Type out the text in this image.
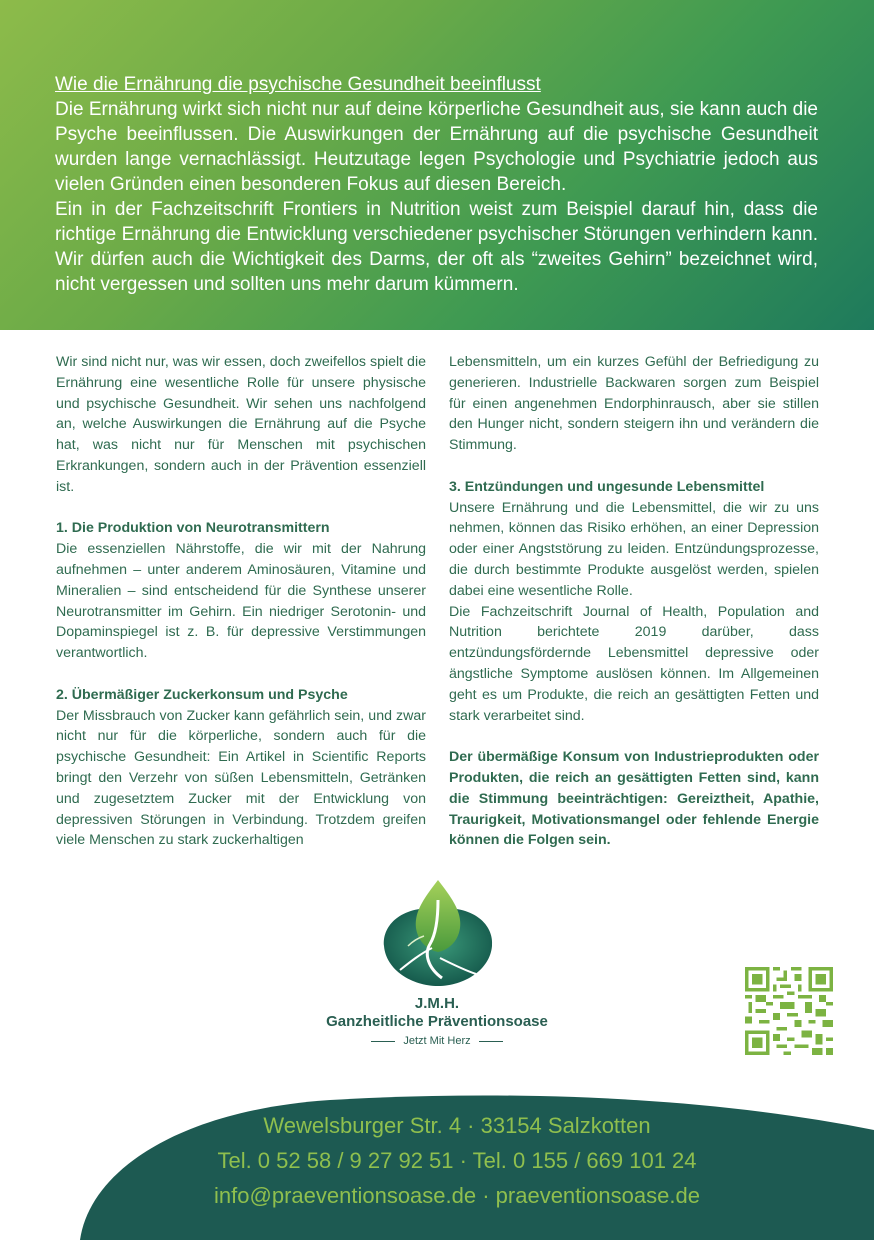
Wie die Ernährung die psychische Gesundheit beeinflusst

Die Ernährung wirkt sich nicht nur auf deine körperliche Gesundheit aus, sie kann auch die Psyche beeinflussen. Die Auswirkungen der Ernährung auf die psychische Gesundheit wurden lange vernachlässigt. Heutzutage legen Psychologie und Psychiatrie jedoch aus vielen Gründen einen besonderen Fokus auf diesen Bereich.

Ein in der Fachzeitschrift Frontiers in Nutrition weist zum Beispiel darauf hin, dass die richtige Ernährung die Entwicklung verschiedener psychischer Störungen verhindern kann. Wir dürfen auch die Wichtigkeit des Darms, der oft als “zweites Gehirn” bezeichnet wird, nicht vergessen und sollten uns mehr darum kümmern.

Wir sind nicht nur, was wir essen, doch zweifellos spielt die Ernährung eine wesentliche Rolle für unsere physische und psychische Gesundheit. Wir sehen uns nachfolgend an, welche Auswirkungen die Ernährung auf die Psyche hat, was nicht nur für Menschen mit psychischen Erkrankungen, sondern auch in der Prävention essenziell ist.

1. Die Produktion von Neurotransmittern

Die essenziellen Nährstoffe, die wir mit der Nahrung aufnehmen – unter anderem Aminosäuren, Vitamine und Mineralien – sind entscheidend für die Synthese unserer Neurotransmitter im Gehirn. Ein niedriger Serotonin- und Dopaminspiegel ist z. B. für depressive Verstimmungen verantwortlich.

2. Übermäßiger Zuckerkonsum und Psyche

Der Missbrauch von Zucker kann gefährlich sein, und zwar nicht nur für die körperliche, sondern auch für die psychische Gesundheit: Ein Artikel in Scientific Reports bringt den Verzehr von süßen Lebensmitteln, Getränken und zugesetztem Zucker mit der Entwicklung von depressiven Störungen in Verbindung. Trotzdem greifen viele Menschen zu stark zuckerhaltigen

Lebensmitteln, um ein kurzes Gefühl der Befriedigung zu generieren. Industrielle Backwaren sorgen zum Beispiel für einen angenehmen Endorphinrausch, aber sie stillen den Hunger nicht, sondern steigern ihn und verändern die Stimmung.

3. Entzündungen und ungesunde Lebensmittel

Unsere Ernährung und die Lebensmittel, die wir zu uns nehmen, können das Risiko erhöhen, an einer Depression oder einer Angststörung zu leiden. Entzündungsprozesse, die durch bestimmte Produkte ausgelöst werden, spielen dabei eine wesentliche Rolle.

Die Fachzeitschrift Journal of Health, Population and Nutrition berichtete 2019 darüber, dass entzündungsfördernde Lebensmittel depressive oder ängstliche Symptome auslösen können. Im Allgemeinen geht es um Produkte, die reich an gesättigten Fetten und stark verarbeitet sind.

Der übermäßige Konsum von Industrieprodukten oder Produkten, die reich an gesättigten Fetten sind, kann die Stimmung beeinträchtigen: Gereiztheit, Apathie, Traurigkeit, Motivationsmangel oder fehlende Energie können die Folgen sein.

J.M.H.
Ganzheitliche Präventionsoase
Jetzt Mit Herz
Wewelsburger Str. 4 · 33154 Salzkotten
Tel. 0 52 58 / 9 27 92 51 · Tel. 0 155 / 669 101 24
info@praeventionsoase.de · praeventionsoase.de
